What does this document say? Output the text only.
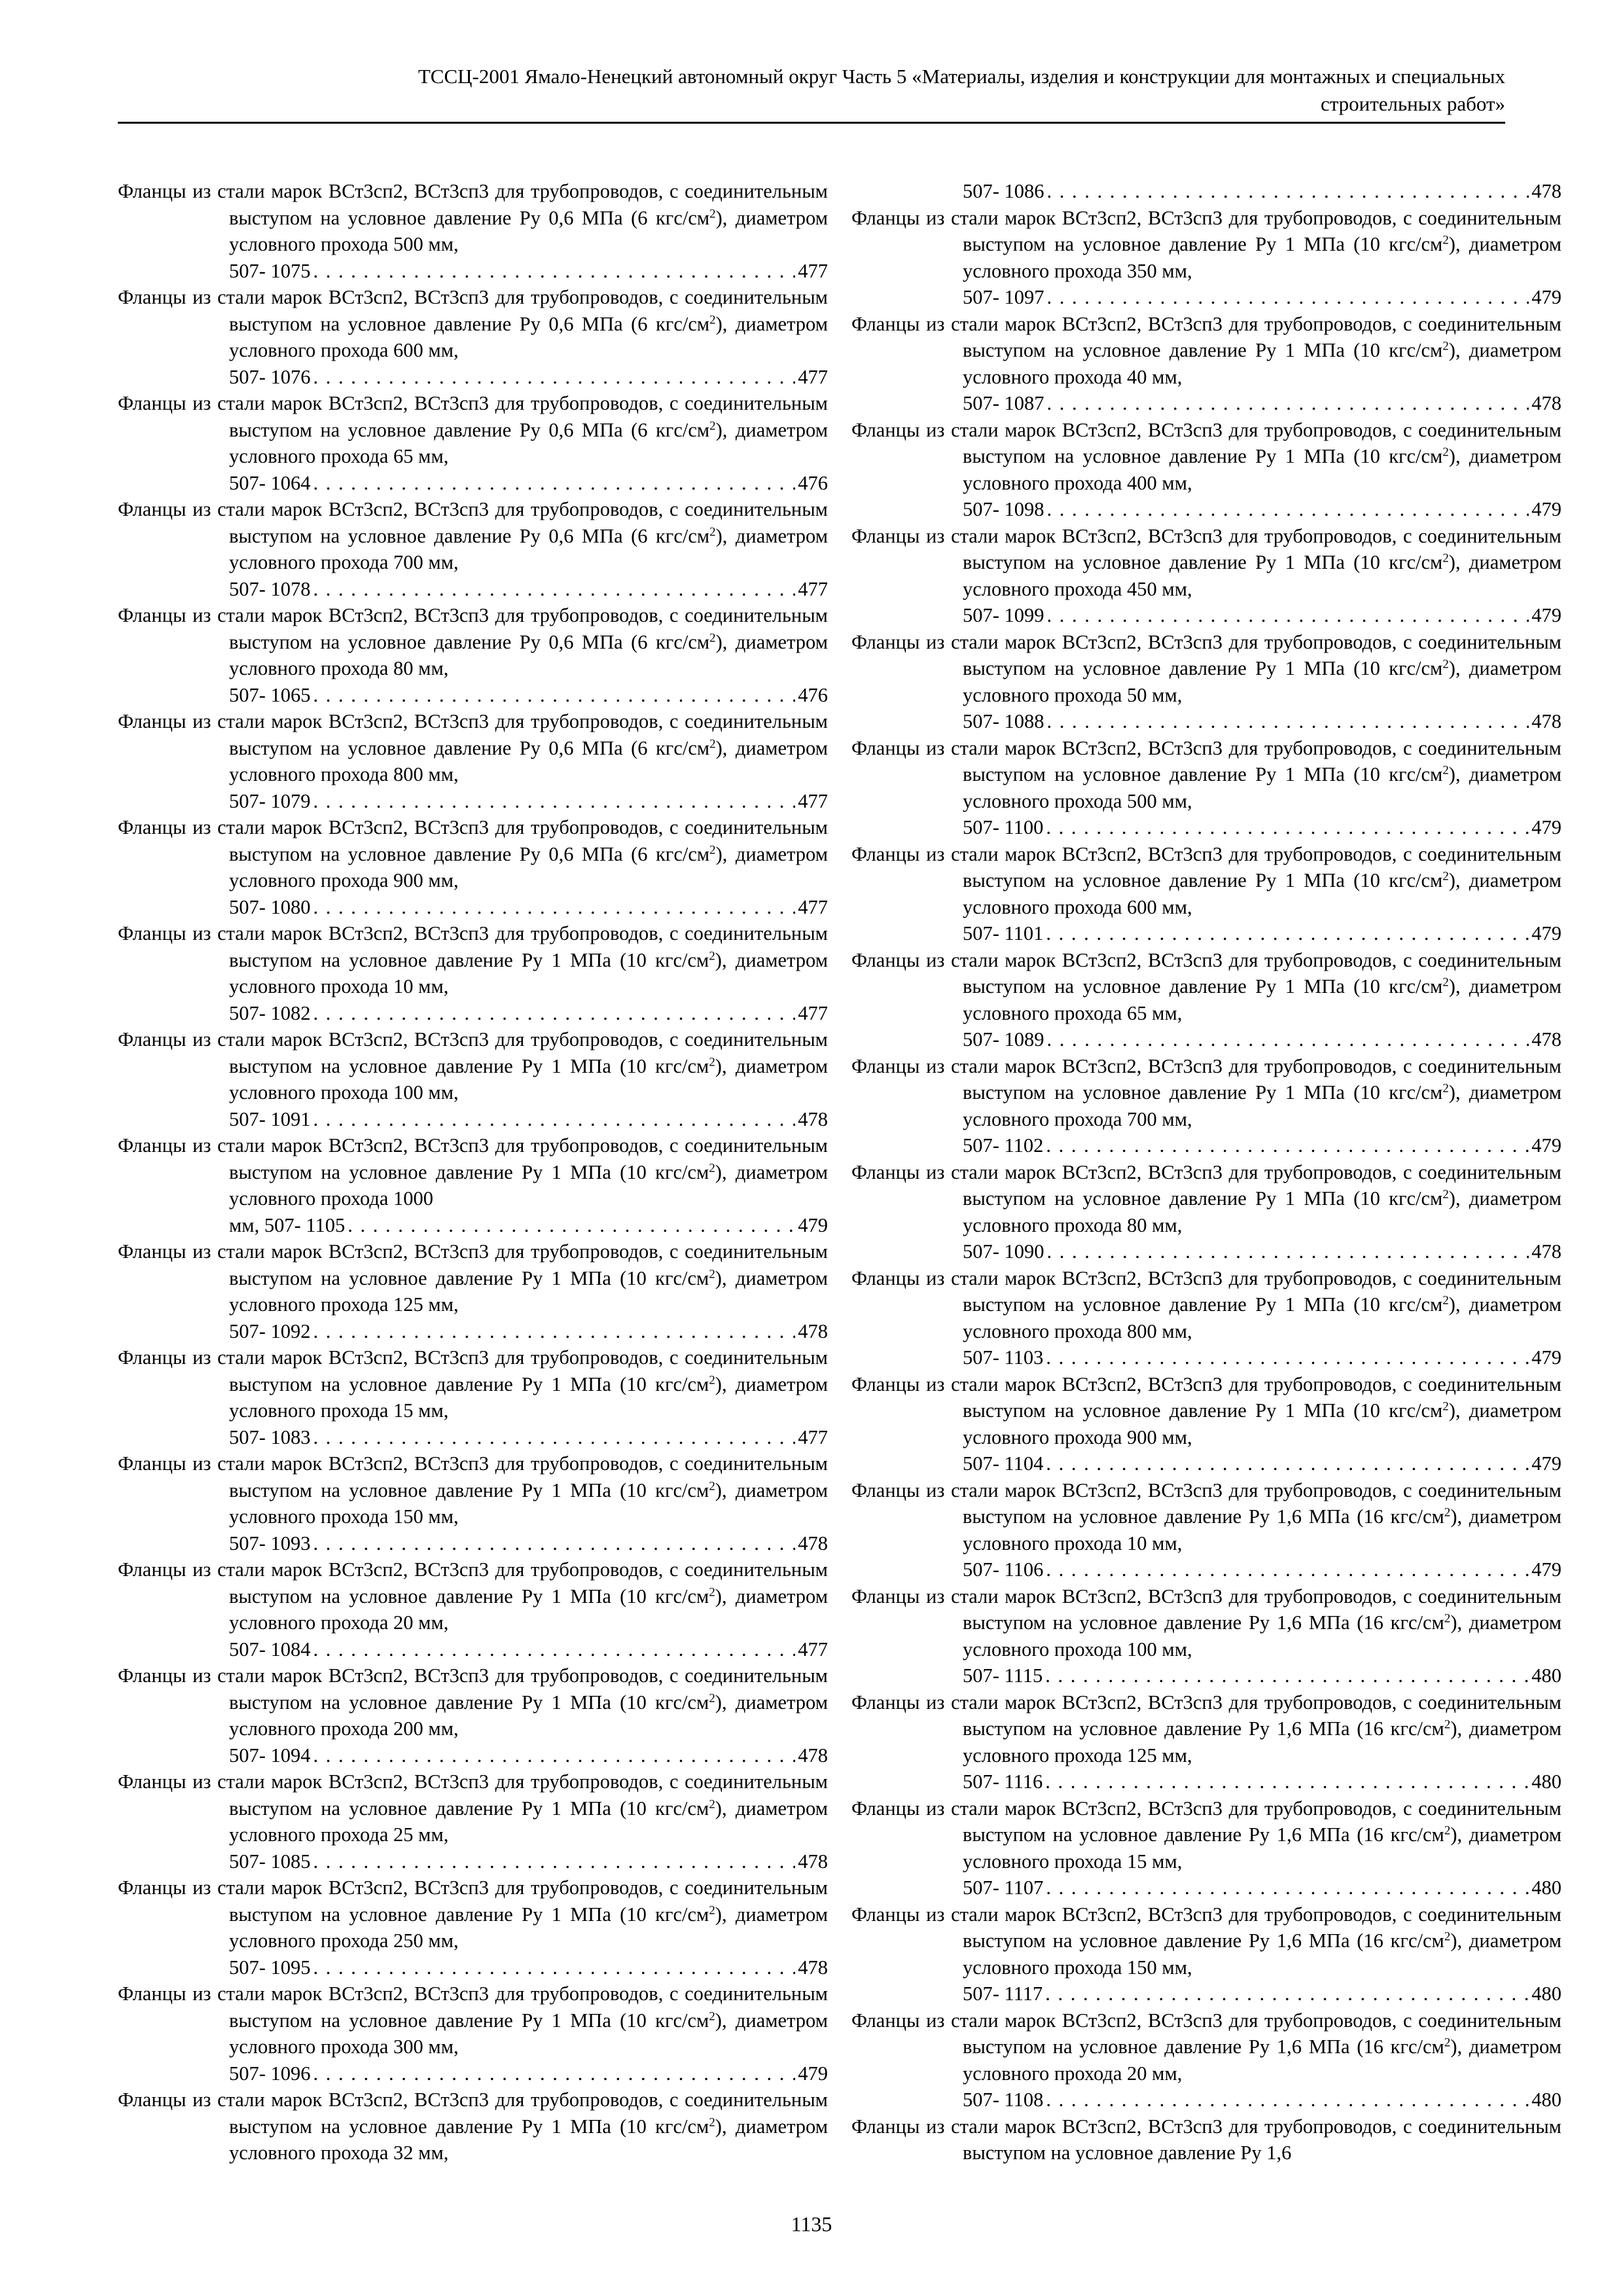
ТССЦ-2001 Ямало-Ненецкий автономный округ Часть 5 «Материалы, изделия и конструкции для монтажных и специальных
строительных работ»

Фланцы из стали марок ВСт3сп2, ВСт3сп3 для трубопроводов, с соединительным выступом на условное давление Ру 0,6 МПа (6 кгс/$см^2$), диаметром условного прохода 500 мм,
507- 1075 . . .	477

Фланцы из стали марок ВСт3сп2, ВСт3сп3 для трубопроводов, с соединительным выступом на условное давление Ру 0,6 МПа (6 кгс/$см^2$), диаметром условного прохода 600 мм,
507- 1076 . . .	477

Фланцы из стали марок ВСт3сп2, ВСт3сп3 для трубопроводов, с соединительным выступом на условное давление Ру 0,6 МПа (6 кгс/$см^2$), диаметром условного прохода 65 мм,
507- 1064 . . .	476

Фланцы из стали марок ВСт3сп2, ВСт3сп3 для трубопроводов, с соединительным выступом на условное давление Ру 0,6 МПа (6 кгс/$см^2$), диаметром условного прохода 700 мм,
507- 1078 . . .	477

Фланцы из стали марок ВСт3сп2, ВСт3сп3 для трубопроводов, с соединительным выступом на условное давление Ру 0,6 МПа (6 кгс/$см^2$), диаметром условного прохода 80 мм,
507- 1065 . . .	476

Фланцы из стали марок ВСт3сп2, ВСт3сп3 для трубопроводов, с соединительным выступом на условное давление Ру 0,6 МПа (6 кгс/$см^2$), диаметром условного прохода 800 мм,
507- 1079 . . .	477

Фланцы из стали марок ВСт3сп2, ВСт3сп3 для трубопроводов, с соединительным выступом на условное давление Ру 0,6 МПа (6 кгс/$см^2$), диаметром условного прохода 900 мм,
507- 1080 . . .	477

Фланцы из стали марок ВСт3сп2, ВСт3сп3 для трубопроводов, с соединительным выступом на условное давление Ру 1 МПа (10 кгс/$см^2$), диаметром условного прохода 10 мм,
507- 1082 . . .	477

Фланцы из стали марок ВСт3сп2, ВСт3сп3 для трубопроводов, с соединительным выступом на условное давление Ру 1 МПа (10 кгс/$см^2$), диаметром условного прохода 100 мм,
507- 1091 . . .	478

Фланцы из стали марок ВСт3сп2, ВСт3сп3 для трубопроводов, с соединительным выступом на условное давление Ру 1 МПа (10 кгс/$см^2$), диаметром условного прохода 1000
мм, 507- 1105 . . .	479

Фланцы из стали марок ВСт3сп2, ВСт3сп3 для трубопроводов, с соединительным выступом на условное давление Ру 1 МПа (10 кгс/$см^2$), диаметром условного прохода 125 мм,
507- 1092 . . .	478

Фланцы из стали марок ВСт3сп2, ВСт3сп3 для трубопроводов, с соединительным выступом на условное давление Ру 1 МПа (10 кгс/$см^2$), диаметром условного прохода 15 мм,
507- 1083 . . .	477

Фланцы из стали марок ВСт3сп2, ВСт3сп3 для трубопроводов, с соединительным выступом на условное давление Ру 1 МПа (10 кгс/$см^2$), диаметром условного прохода 150 мм,
507- 1093 . . .	478

Фланцы из стали марок ВСт3сп2, ВСт3сп3 для трубопроводов, с соединительным выступом на условное давление Ру 1 МПа (10 кгс/$см^2$), диаметром условного прохода 20 мм,
507- 1084 . . .	477

Фланцы из стали марок ВСт3сп2, ВСт3сп3 для трубопроводов, с соединительным выступом на условное давление Ру 1 МПа (10 кгс/$см^2$), диаметром условного прохода 200 мм,
507- 1094 . . .	478

Фланцы из стали марок ВСт3сп2, ВСт3сп3 для трубопроводов, с соединительным выступом на условное давление Ру 1 МПа (10 кгс/$см^2$), диаметром условного прохода 25 мм,
507- 1085 . . .	478

Фланцы из стали марок ВСт3сп2, ВСт3сп3 для трубопроводов, с соединительным выступом на условное давление Ру 1 МПа (10 кгс/$см^2$), диаметром условного прохода 250 мм,
507- 1095 . . .	478

Фланцы из стали марок ВСт3сп2, ВСт3сп3 для трубопроводов, с соединительным выступом на условное давление Ру 1 МПа (10 кгс/$см^2$), диаметром условного прохода 300 мм,
507- 1096 . . .	479

Фланцы из стали марок ВСт3сп2, ВСт3сп3 для трубопроводов, с соединительным выступом на условное давление Ру 1 МПа (10 кгс/$см^2$), диаметром условного прохода 32 мм,

507- 1086 . . .	478

Фланцы из стали марок ВСт3сп2, ВСт3сп3 для трубопроводов, с соединительным выступом на условное давление Ру 1 МПа (10 кгс/$см^2$), диаметром условного прохода 350 мм,
507- 1097 . . .	479

Фланцы из стали марок ВСт3сп2, ВСт3сп3 для трубопроводов, с соединительным выступом на условное давление Ру 1 МПа (10 кгс/$см^2$), диаметром условного прохода 40 мм,
507- 1087 . . .	478

Фланцы из стали марок ВСт3сп2, ВСт3сп3 для трубопроводов, с соединительным выступом на условное давление Ру 1 МПа (10 кгс/$см^2$), диаметром условного прохода 400 мм,
507- 1098 . . .	479

Фланцы из стали марок ВСт3сп2, ВСт3сп3 для трубопроводов, с соединительным выступом на условное давление Ру 1 МПа (10 кгс/$см^2$), диаметром условного прохода 450 мм,
507- 1099 . . .	479

Фланцы из стали марок ВСт3сп2, ВСт3сп3 для трубопроводов, с соединительным выступом на условное давление Ру 1 МПа (10 кгс/$см^2$), диаметром условного прохода 50 мм,
507- 1088 . . .	478

Фланцы из стали марок ВСт3сп2, ВСт3сп3 для трубопроводов, с соединительным выступом на условное давление Ру 1 МПа (10 кгс/$см^2$), диаметром условного прохода 500 мм,
507- 1100 . . .	479

Фланцы из стали марок ВСт3сп2, ВСт3сп3 для трубопроводов, с соединительным выступом на условное давление Ру 1 МПа (10 кгс/$см^2$), диаметром условного прохода 600 мм,
507- 1101 . . .	479

Фланцы из стали марок ВСт3сп2, ВСт3сп3 для трубопроводов, с соединительным выступом на условное давление Ру 1 МПа (10 кгс/$см^2$), диаметром условного прохода 65 мм,
507- 1089 . . .	478

Фланцы из стали марок ВСт3сп2, ВСт3сп3 для трубопроводов, с соединительным выступом на условное давление Ру 1 МПа (10 кгс/$см^2$), диаметром условного прохода 700 мм,
507- 1102 . . .	479

Фланцы из стали марок ВСт3сп2, ВСт3сп3 для трубопроводов, с соединительным выступом на условное давление Ру 1 МПа (10 кгс/$см^2$), диаметром условного прохода 80 мм,
507- 1090 . . .	478

Фланцы из стали марок ВСт3сп2, ВСт3сп3 для трубопроводов, с соединительным выступом на условное давление Ру 1 МПа (10 кгс/$см^2$), диаметром условного прохода 800 мм,
507- 1103 . . .	479

Фланцы из стали марок ВСт3сп2, ВСт3сп3 для трубопроводов, с соединительным выступом на условное давление Ру 1 МПа (10 кгс/$см^2$), диаметром условного прохода 900 мм,
507- 1104 . . .	479

Фланцы из стали марок ВСт3сп2, ВСт3сп3 для трубопроводов, с соединительным выступом на условное давление Ру 1,6 МПа (16 кгс/$см^2$), диаметром условного прохода 10 мм,
507- 1106 . . .	479

Фланцы из стали марок ВСт3сп2, ВСт3сп3 для трубопроводов, с соединительным выступом на условное давление Ру 1,6 МПа (16 кгс/$см^2$), диаметром условного прохода 100 мм,
507- 1115 . . .	480

Фланцы из стали марок ВСт3сп2, ВСт3сп3 для трубопроводов, с соединительным выступом на условное давление Ру 1,6 МПа (16 кгс/$см^2$), диаметром условного прохода 125 мм,
507- 1116 . . .	480

Фланцы из стали марок ВСт3сп2, ВСт3сп3 для трубопроводов, с соединительным выступом на условное давление Ру 1,6 МПа (16 кгс/$см^2$), диаметром условного прохода 15 мм,
507- 1107 . . .	480

Фланцы из стали марок ВСт3сп2, ВСт3сп3 для трубопроводов, с соединительным выступом на условное давление Ру 1,6 МПа (16 кгс/$см^2$), диаметром условного прохода 150 мм,
507- 1117 . . .	480

Фланцы из стали марок ВСт3сп2, ВСт3сп3 для трубопроводов, с соединительным выступом на условное давление Ру 1,6 МПа (16 кгс/$см^2$), диаметром условного прохода 20 мм,
507- 1108 . . .	480

Фланцы из стали марок ВСт3сп2, ВСт3сп3 для трубопроводов, с соединительным выступом на условное давление Ру 1,6

1135
